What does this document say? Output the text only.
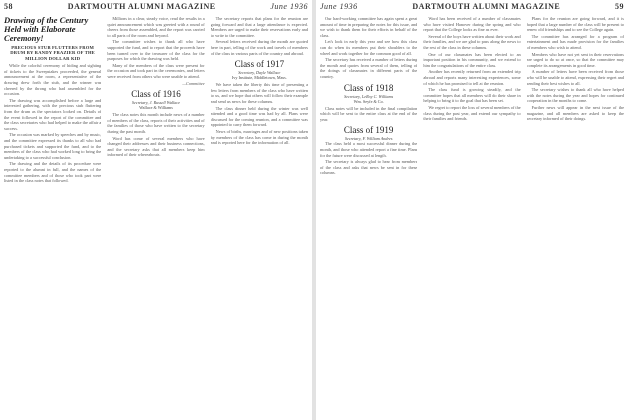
58	DARTMOUTH ALUMNI MAGAZINE	June 1936
Drawing of the Century Held with Elaborate Ceremony!
PRECIOUS STUB FLUTTERS FROM DRUM BY RANDY FRAZIER OF THE MILLION DOLLAR KID

While the colorful ceremony of hiding and sighting of tickets to the Sweepstakes proceeded, the general announcement at the room, a representative of the drawing drew forth the stub, and the winner was cheered by the throng who had assembled for the occasion.

The drawing was accomplished before a large and interested gathering, with the precious stub fluttering from the drum as the spectators looked on. Details of the event followed in the report of the committee and the class secretaries who had helped to make the affair a success.

The occasion was marked by speeches and by music, and the committee expressed its thanks to all who had purchased tickets and supported the fund, and to the members of the class who had worked long to bring the undertaking to a successful conclusion.

The drawing and the details of its procedure were reported to the alumni in full, and the names of the committee members and of those who took part were listed in the class notes that followed.

Millions in a clear, steady voice, read the results in a quiet announcement which was greeted with a round of cheers from those assembled, and the report was carried to all parts of the room and beyond.

The committee wishes to thank all who have supported the fund, and to report that the proceeds have been turned over to the treasurer of the class for the purposes for which the drawing was held.

Many of the members of the class were present for the occasion and took part in the ceremonies, and letters were received from others who were unable to attend.

—Committee
Class of 1916
Secretary, J. Russell Wallace
Wallace & Williams

The class notes this month include news of a number of members of the class, reports of their activities and of the families of those who have written to the secretary during the past month.

Word has come of several members who have changed their addresses and their business connections, and the secretary asks that all members keep him informed of their whereabouts.

The secretary reports that plans for the reunion are going forward and that a large attendance is expected. Members are urged to make their reservations early and to write to the committee.

Several letters received during the month are quoted here in part, telling of the work and travels of members of the class in various parts of the country and abroad.

Class of 1917
Secretary, Dayle Wallace
Ivy Institute, Middletown, Mass.

We have taken the liberty this time of presenting a few letters from members of the class who have written to us, and we hope that others will follow their example and send us news for these columns.

The class dinner held during the winter was well attended and a good time was had by all. Plans were discussed for the coming reunion, and a committee was appointed to carry them forward.

News of births, marriages and of new positions taken by members of the class has come in during the month and is reported here for the information of all.

June 1936	DARTMOUTH ALUMNI MAGAZINE	59

Our hard-working committee has again spent a great amount of time in preparing the notes for this issue, and we wish to thank them for their efforts in behalf of the class.

Let's look in early this year and see how this class can do when its members put their shoulders to the wheel and work together for the common good of all.

The secretary has received a number of letters during the month and quotes from several of them, telling of the doings of classmates in different parts of the country.

Class of 1918
Secretary, LeRoy C. Williams
Wm. Seyfe & Co.

Class notes will be included in the final compilation which will be sent to the entire class at the end of the year.

Class of 1919
Secretary, F. William Andres

The class held a most successful dinner during the month, and those who attended report a fine time. Plans for the future were discussed at length.

The secretary is always glad to hear from members of the class and asks that news be sent in for these columns.

Word has been received of a number of classmates who have visited Hanover during the spring and who report that the College looks as fine as ever.

Several of the boys have written about their work and their families, and we are glad to pass along the news to the rest of the class in these columns.

One of our classmates has been elected to an important position in his community, and we extend to him the congratulations of the entire class.

Another has recently returned from an extended trip abroad and reports many interesting experiences, some of which he has promised to tell at the reunion.

The class fund is growing steadily, and the committee hopes that all members will do their share in helping to bring it to the goal that has been set.

We regret to report the loss of several members of the class during the past year, and extend our sympathy to their families and friends.

Plans for the reunion are going forward, and it is hoped that a large number of the class will be present to renew old friendships and to see the College again.

The committee has arranged for a program of entertainment and has made provision for the families of members who wish to attend.

Members who have not yet sent in their reservations are urged to do so at once, so that the committee may complete its arrangements in good time.

A number of letters have been received from those who will be unable to attend, expressing their regret and sending their best wishes to all.

The secretary wishes to thank all who have helped with the notes during the year and hopes for continued cooperation in the months to come.

Further news will appear in the next issue of the magazine, and all members are asked to keep the secretary informed of their doings.
